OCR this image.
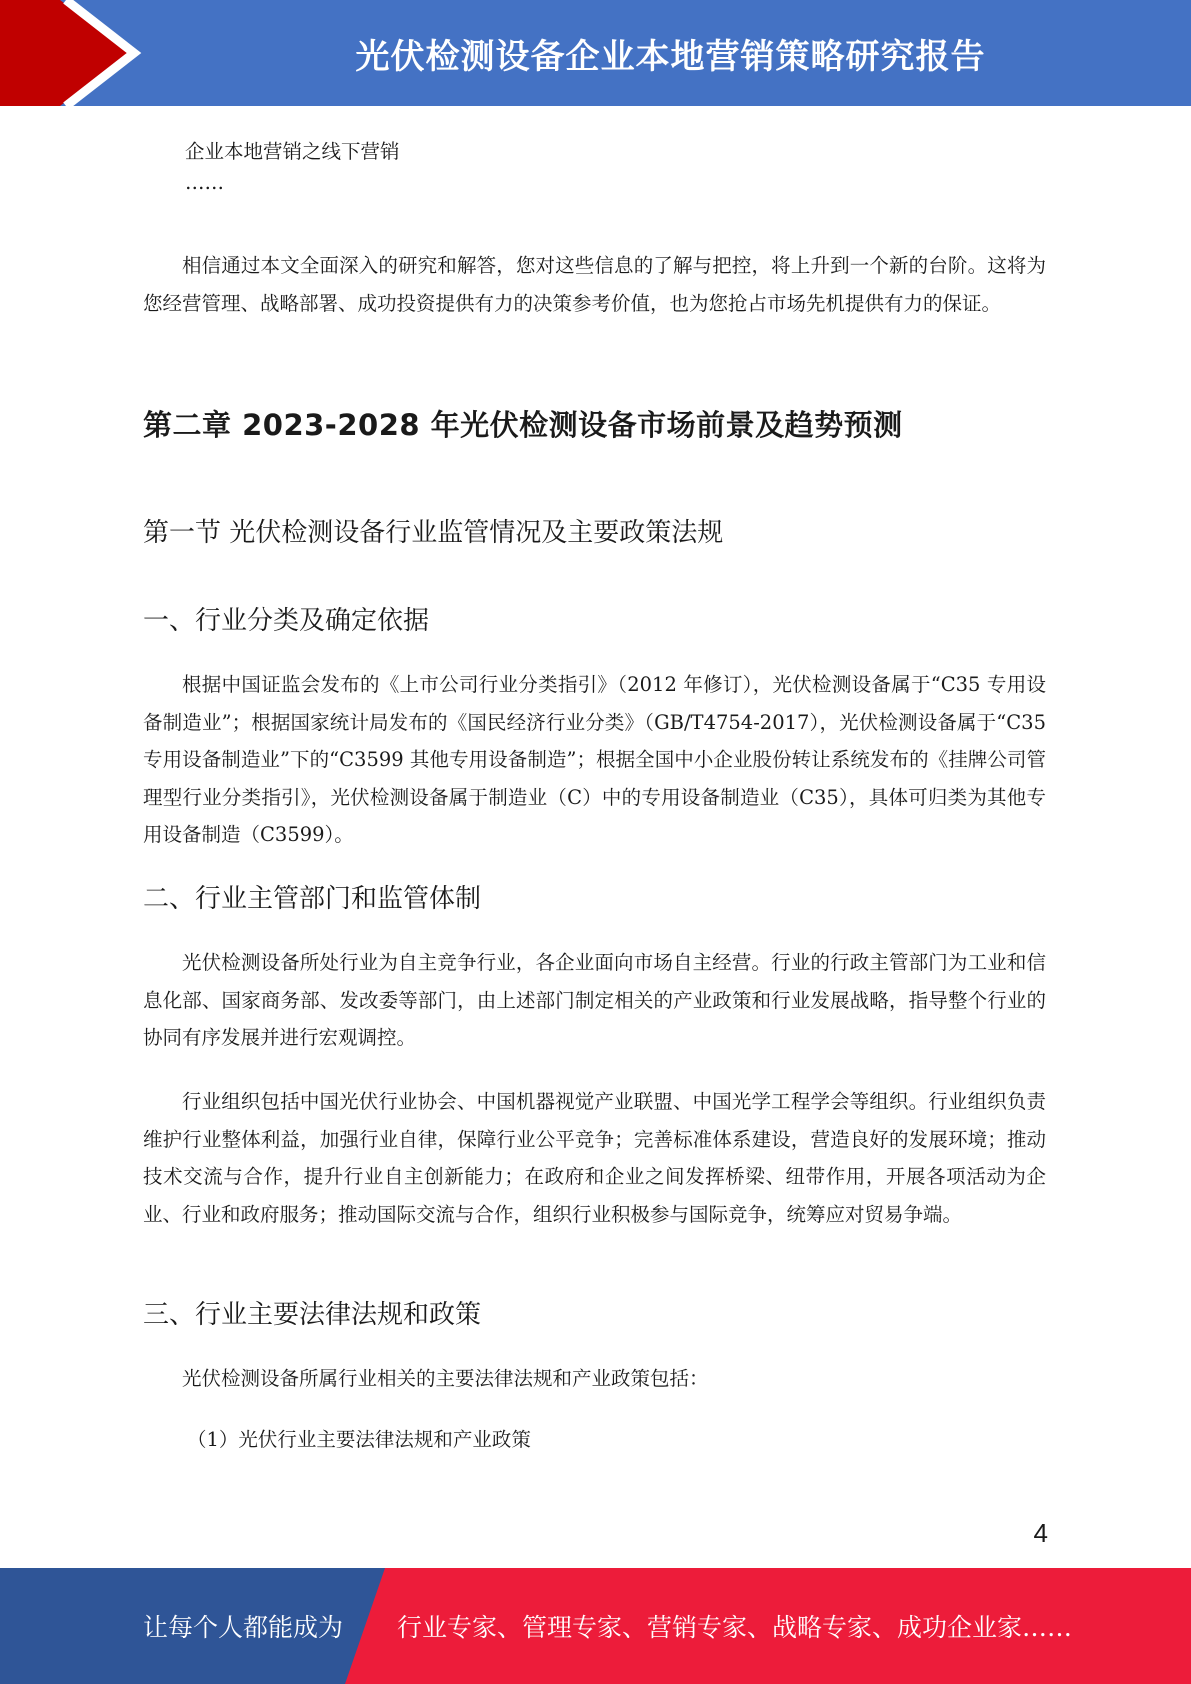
光伏检测设备企业本地营销策略研究报告

企业本地营销之线下营销

……

相信通过本文全面深入的研究和解答，您对这些信息的了解与把控，将上升到一个新的台阶。这将为您经营管理、战略部署、成功投资提供有力的决策参考价值，也为您抢占市场先机提供有力的保证。

第二章 2023-2028 年光伏检测设备市场前景及趋势预测
第一节 光伏检测设备行业监管情况及主要政策法规
一、行业分类及确定依据

根据中国证监会发布的《上市公司行业分类指引》（2012 年修订），光伏检测设备属于“C35 专用设备制造业”；根据国家统计局发布的《国民经济行业分类》（GB/T4754-2017），光伏检测设备属于“C35 专用设备制造业”下的“C3599 其他专用设备制造”；根据全国中小企业股份转让系统发布的《挂牌公司管理型行业分类指引》，光伏检测设备属于制造业（C）中的专用设备制造业（C35），具体可归类为其他专用设备制造（C3599）。

二、行业主管部门和监管体制

光伏检测设备所处行业为自主竞争行业，各企业面向市场自主经营。行业的行政主管部门为工业和信息化部、国家商务部、发改委等部门，由上述部门制定相关的产业政策和行业发展战略，指导整个行业的协同有序发展并进行宏观调控。

行业组织包括中国光伏行业协会、中国机器视觉产业联盟、中国光学工程学会等组织。行业组织负责维护行业整体利益，加强行业自律，保障行业公平竞争；完善标准体系建设，营造良好的发展环境；推动技术交流与合作，提升行业自主创新能力；在政府和企业之间发挥桥梁、纽带作用，开展各项活动为企业、行业和政府服务；推动国际交流与合作，组织行业积极参与国际竞争，统筹应对贸易争端。

三、行业主要法律法规和政策

光伏检测设备所属行业相关的主要法律法规和产业政策包括：

（1）光伏行业主要法律法规和产业政策

4
让每个人都能成为 行业专家、管理专家、营销专家、战略专家、成功企业家……
